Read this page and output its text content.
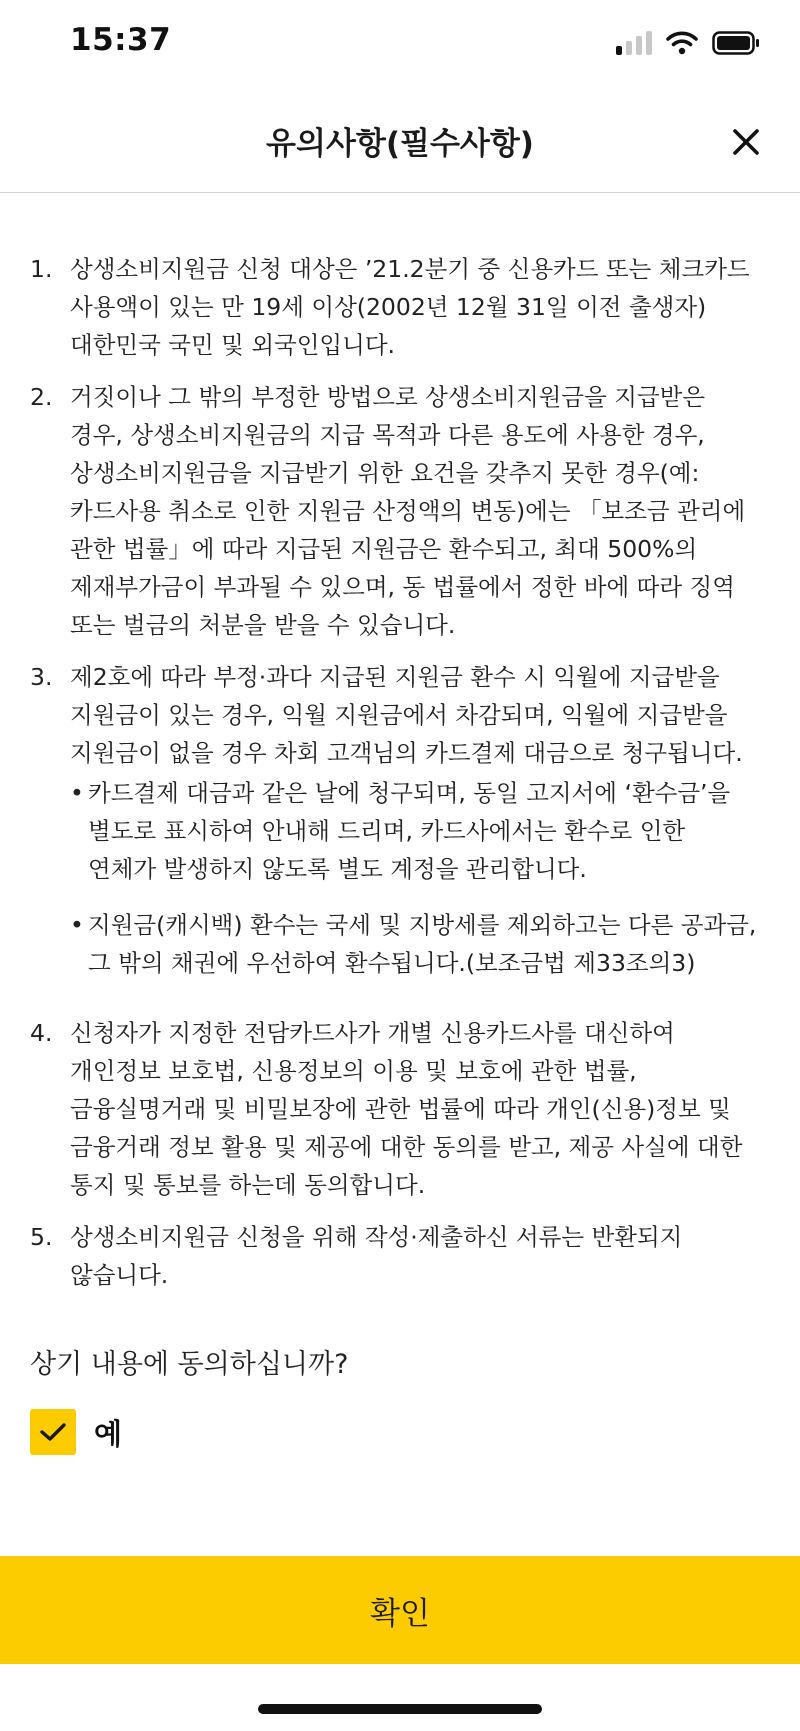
15:37
유의사항(필수사항)
1. 상생소비지원금 신청 대상은 ’21.2분기 중 신용카드 또는 체크카드
사용액이 있는 만 19세 이상(2002년 12월 31일 이전 출생자)
대한민국 국민 및 외국인입니다.
2. 거짓이나 그 밖의 부정한 방법으로 상생소비지원금을 지급받은
경우, 상생소비지원금의 지급 목적과 다른 용도에 사용한 경우,
상생소비지원금을 지급받기 위한 요건을 갖추지 못한 경우(예:
카드사용 취소로 인한 지원금 산정액의 변동)에는 「보조금 관리에
관한 법률」에 따라 지급된 지원금은 환수되고, 최대 500%의
제재부가금이 부과될 수 있으며, 동 법률에서 정한 바에 따라 징역
또는 벌금의 처분을 받을 수 있습니다.
3. 제2호에 따라 부정·과다 지급된 지원금 환수 시 익월에 지급받을
지원금이 있는 경우, 익월 지원금에서 차감되며, 익월에 지급받을
지원금이 없을 경우 차회 고객님의 카드결제 대금으로 청구됩니다.
• 카드결제 대금과 같은 날에 청구되며, 동일 고지서에 ‘환수금’을
별도로 표시하여 안내해 드리며, 카드사에서는 환수로 인한
연체가 발생하지 않도록 별도 계정을 관리합니다.
• 지원금(캐시백) 환수는 국세 및 지방세를 제외하고는 다른 공과금,
그 밖의 채권에 우선하여 환수됩니다.(보조금법 제33조의3)
4. 신청자가 지정한 전담카드사가 개별 신용카드사를 대신하여
개인정보 보호법, 신용정보의 이용 및 보호에 관한 법률,
금융실명거래 및 비밀보장에 관한 법률에 따라 개인(신용)정보 및
금융거래 정보 활용 및 제공에 대한 동의를 받고, 제공 사실에 대한
통지 및 통보를 하는데 동의합니다.
5. 상생소비지원금 신청을 위해 작성·제출하신 서류는 반환되지
않습니다.
상기 내용에 동의하십니까?
예
확인
